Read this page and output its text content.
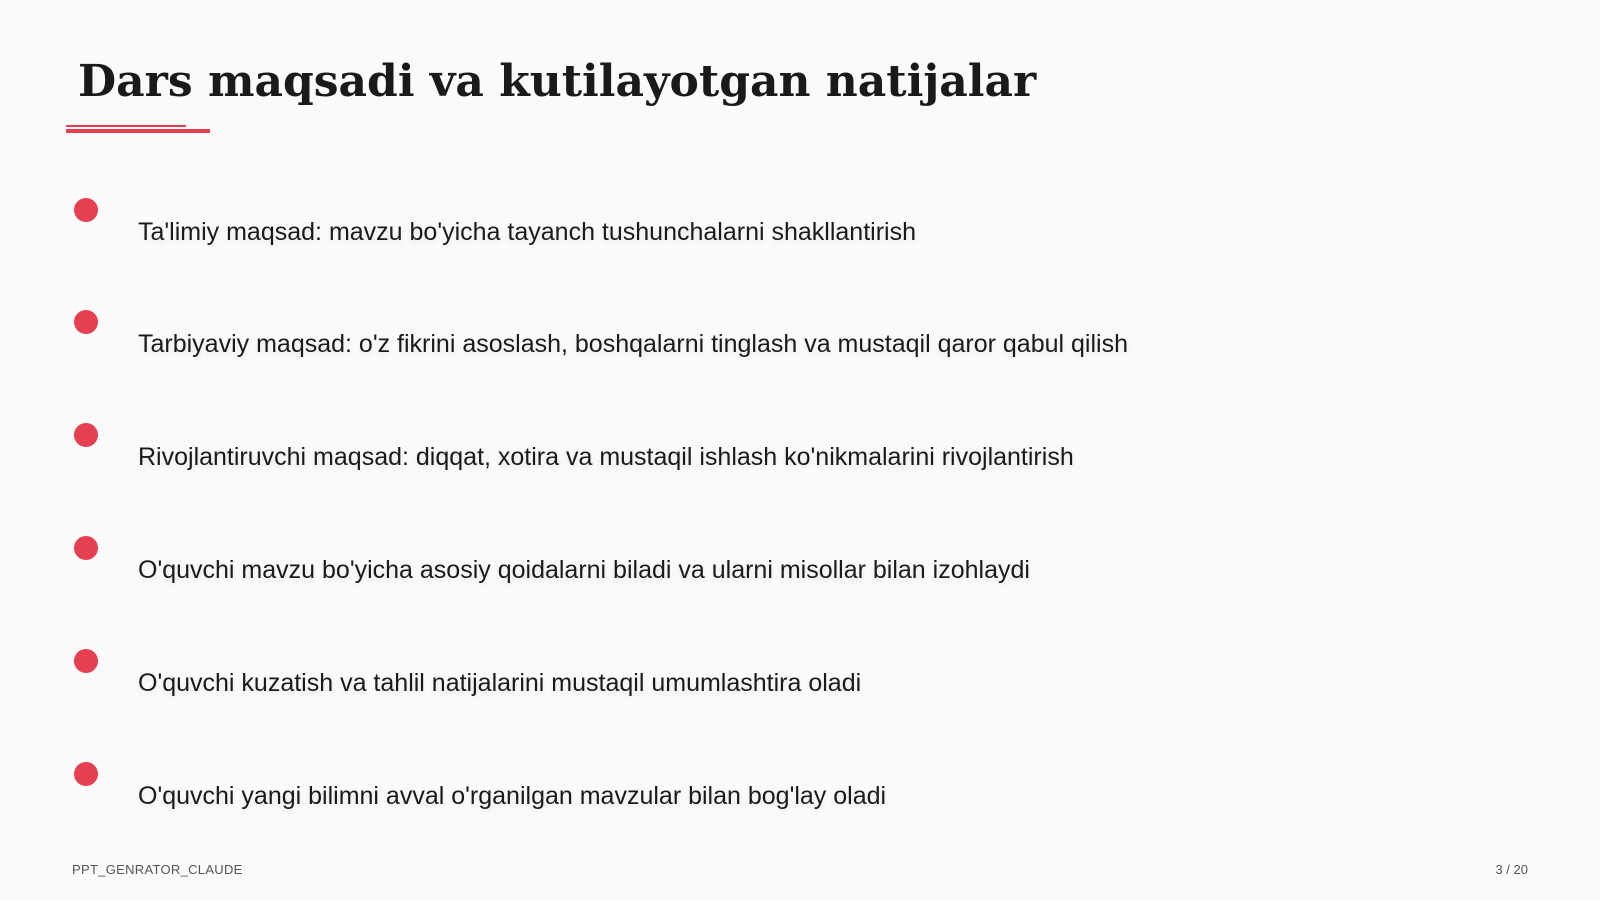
Dars maqsadi va kutilayotgan natijalar
Ta'limiy maqsad: mavzu bo'yicha tayanch tushunchalarni shakllantirish
Tarbiyaviy maqsad: o'z fikrini asoslash, boshqalarni tinglash va mustaqil qaror qabul qilish
Rivojlantiruvchi maqsad: diqqat, xotira va mustaqil ishlash ko'nikmalarini rivojlantirish
O'quvchi mavzu bo'yicha asosiy qoidalarni biladi va ularni misollar bilan izohlaydi
O'quvchi kuzatish va tahlil natijalarini mustaqil umumlashtira oladi
O'quvchi yangi bilimni avval o'rganilgan mavzular bilan bog'lay oladi
PPT_GENRATOR_CLAUDE	3 / 20
